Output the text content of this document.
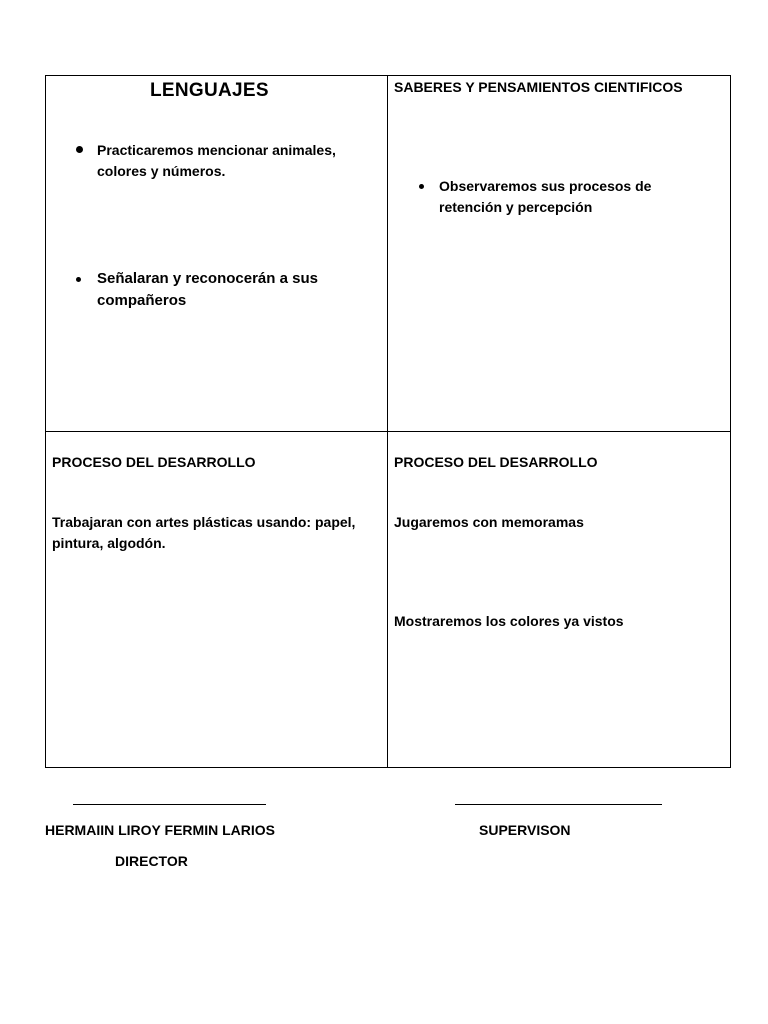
LENGUAJES
Practicaremos mencionar animales, colores y números.
Señalaran y reconocerán a sus compañeros
SABERES Y PENSAMIENTOS CIENTIFICOS
Observaremos sus procesos de retención y percepción
PROCESO DEL DESARROLLO
Trabajaran con artes plásticas usando: papel, pintura, algodón.
PROCESO DEL DESARROLLO
Jugaremos con memoramas
Mostraremos los colores ya vistos
HERMAIIN LIROY FERMIN LARIOS
DIRECTOR
SUPERVISON
